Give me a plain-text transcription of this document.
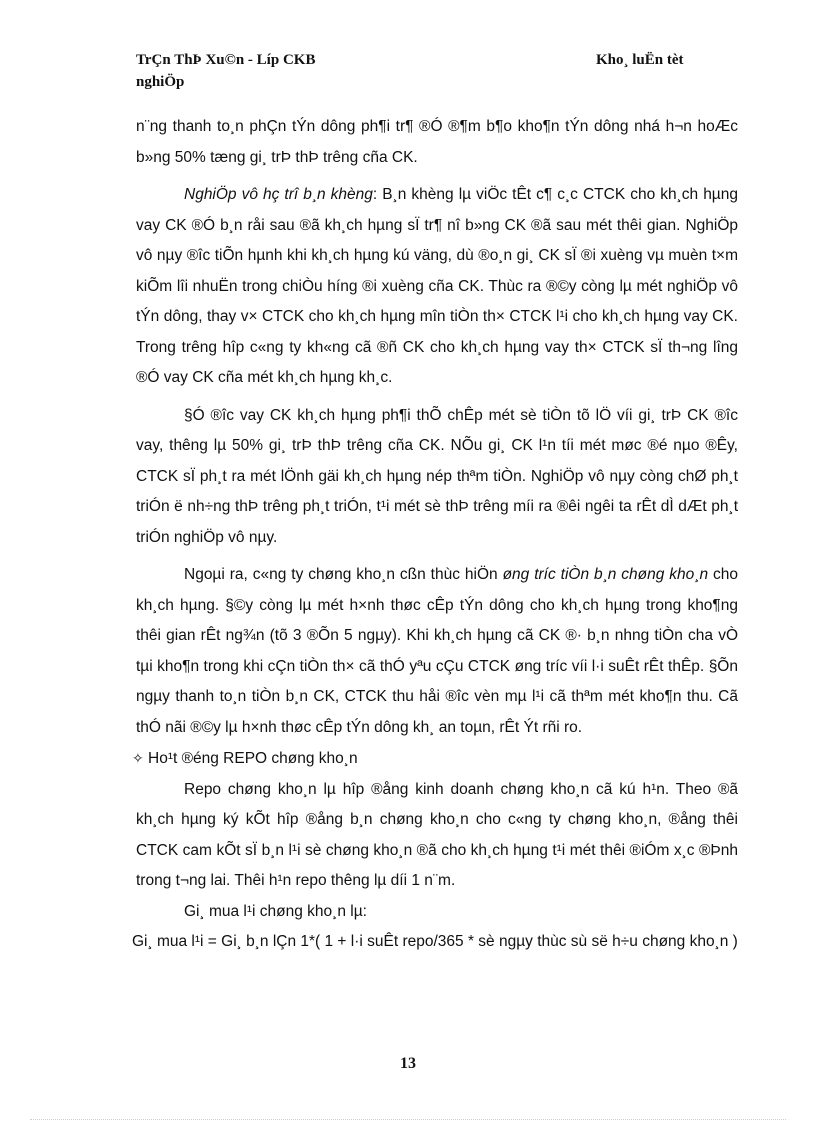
TrÇn ThÞ Xu©n - Líp CKB
nghiÖp
Kho¸ luËn tèt

n¨ng thanh to¸n phÇn tÝn dông ph¶i tr¶ ®Ó ®¶m b¶o kho¶n tÝn dông nhá h¬n hoÆc b»ng 50% tæng gi¸ trÞ thÞ trêng cña CK.

NghiÖp vô hç trî b¸n khèng: B¸n khèng lµ viÖc tÊt c¶ c¸c CTCK cho kh¸ch hµng vay CK ®Ó b¸n råi sau ®ã kh¸ch hµng sÏ tr¶ nî b»ng CK ®ã sau mét thêi gian. NghiÖp vô nµy ®îc tiÕn hµnh khi kh¸ch hµng kú väng, dù ®o¸n gi¸ CK sÏ ®i xuèng vµ muèn t×m kiÕm lîi nhuËn trong chiÒu híng ®i xuèng cña CK. Thùc ra ®©y còng lµ mét nghiÖp vô tÝn dông, thay v× CTCK cho kh¸ch hµng mîn tiÒn th× CTCK l¹i cho kh¸ch hµng vay CK. Trong trêng hîp c«ng ty kh«ng cã ®ñ CK cho kh¸ch hµng vay th× CTCK sÏ th¬ng lîng ®Ó vay CK cña mét kh¸ch hµng kh¸c.

§Ó ®îc vay CK kh¸ch hµng ph¶i thÕ chÊp mét sè tiÒn tõ lÖ víi gi¸ trÞ CK ®îc vay, thêng lµ 50% gi¸ trÞ thÞ trêng cña CK. NÕu gi¸ CK l¹n tíi mét møc ®é nµo ®Êy, CTCK sÏ ph¸t ra mét lÖnh gäi kh¸ch hµng nép thªm tiÒn. NghiÖp vô nµy còng chØ ph¸t triÓn ë nh÷ng thÞ trêng ph¸t triÓn, t¹i mét sè thÞ trêng míi ra ®êi ngêi ta rÊt dÌ dÆt ph¸t triÓn nghiÖp vô nµy.

Ngoµi ra, c«ng ty chøng kho¸n cßn thùc hiÖn øng tríc tiÒn b¸n chøng kho¸n cho kh¸ch hµng. §©y còng lµ mét h×nh thøc cÊp tÝn dông cho kh¸ch hµng trong kho¶ng thêi gian rÊt ng¾n (tõ 3 ®Õn 5 ngµy). Khi kh¸ch hµng cã CK ®· b¸n nhng tiÒn cha vÒ tµi kho¶n trong khi cÇn tiÒn th× cã thÓ yªu cÇu CTCK øng tríc víi l·i suÊt rÊt thÊp. §Õn ngµy thanh to¸n tiÒn b¸n CK, CTCK thu håi ®îc vèn mµ l¹i cã thªm mét kho¶n thu. Cã thÓ nãi ®©y lµ h×nh thøc cÊp tÝn dông kh¸ an toµn, rÊt Ýt rñi ro.

✧ Ho¹t ®éng REPO chøng kho¸n

Repo chøng kho¸n lµ hîp ®ång kinh doanh chøng kho¸n cã kú h¹n. Theo ®ã kh¸ch hµng ký kÕt hîp ®ång b¸n chøng kho¸n cho c«ng ty chøng kho¸n, ®ång thêi CTCK cam kÕt sÏ b¸n l¹i sè chøng kho¸n ®ã cho kh¸ch hµng t¹i mét thêi ®iÓm x¸c ®Þnh trong t¬ng lai. Thêi h¹n repo thêng lµ díi 1 n¨m.

Gi¸ mua l¹i chøng kho¸n lµ:

Gi¸ mua l¹i = Gi¸ b¸n lÇn 1*( 1 + l·i suÊt repo/365 * sè ngµy thùc sù së h÷u chøng kho¸n )

13
